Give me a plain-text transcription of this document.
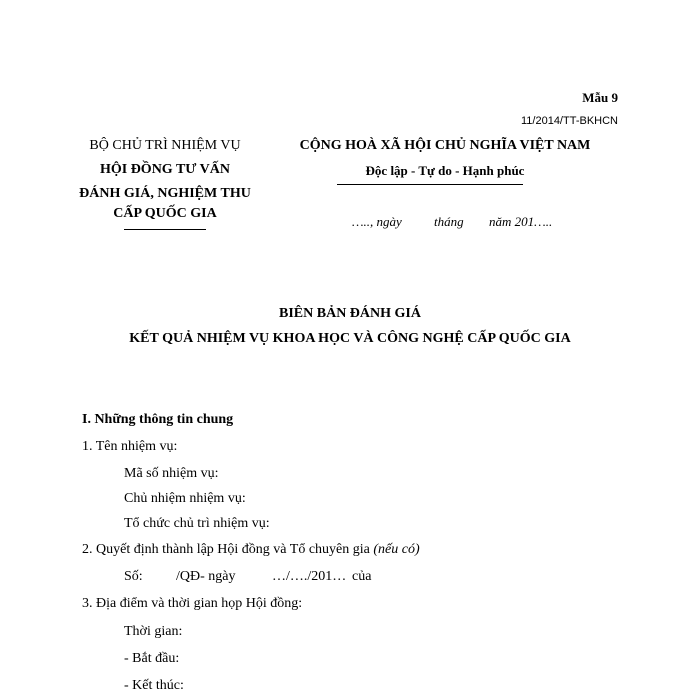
Mẫu 9
11/2014/TT-BKHCN
BỘ CHỦ TRÌ NHIỆM VỤ
HỘI ĐỒNG TƯ VẤN
ĐÁNH GIÁ, NGHIỆM THU
CẤP QUỐC GIA
CỘNG HOÀ XÃ HỘI CHỦ NGHĨA VIỆT NAM
Độc lập - Tự do - Hạnh phúc
….., ngày tháng năm 201…..
BIÊN BẢN ĐÁNH GIÁ
KẾT QUẢ NHIỆM VỤ KHOA HỌC VÀ CÔNG NGHỆ CẤP QUỐC GIA
I. Những thông tin chung
1. Tên nhiệm vụ:
Mã số nhiệm vụ:
Chủ nhiệm nhiệm vụ:
Tổ chức chủ trì nhiệm vụ:
2. Quyết định thành lập Hội đồng và Tổ chuyên gia (nếu có)
Số: /QĐ- ngày	…/…./201… của
3. Địa điểm và thời gian họp Hội đồng:
Thời gian:
- Bắt đầu:
- Kết thúc:
